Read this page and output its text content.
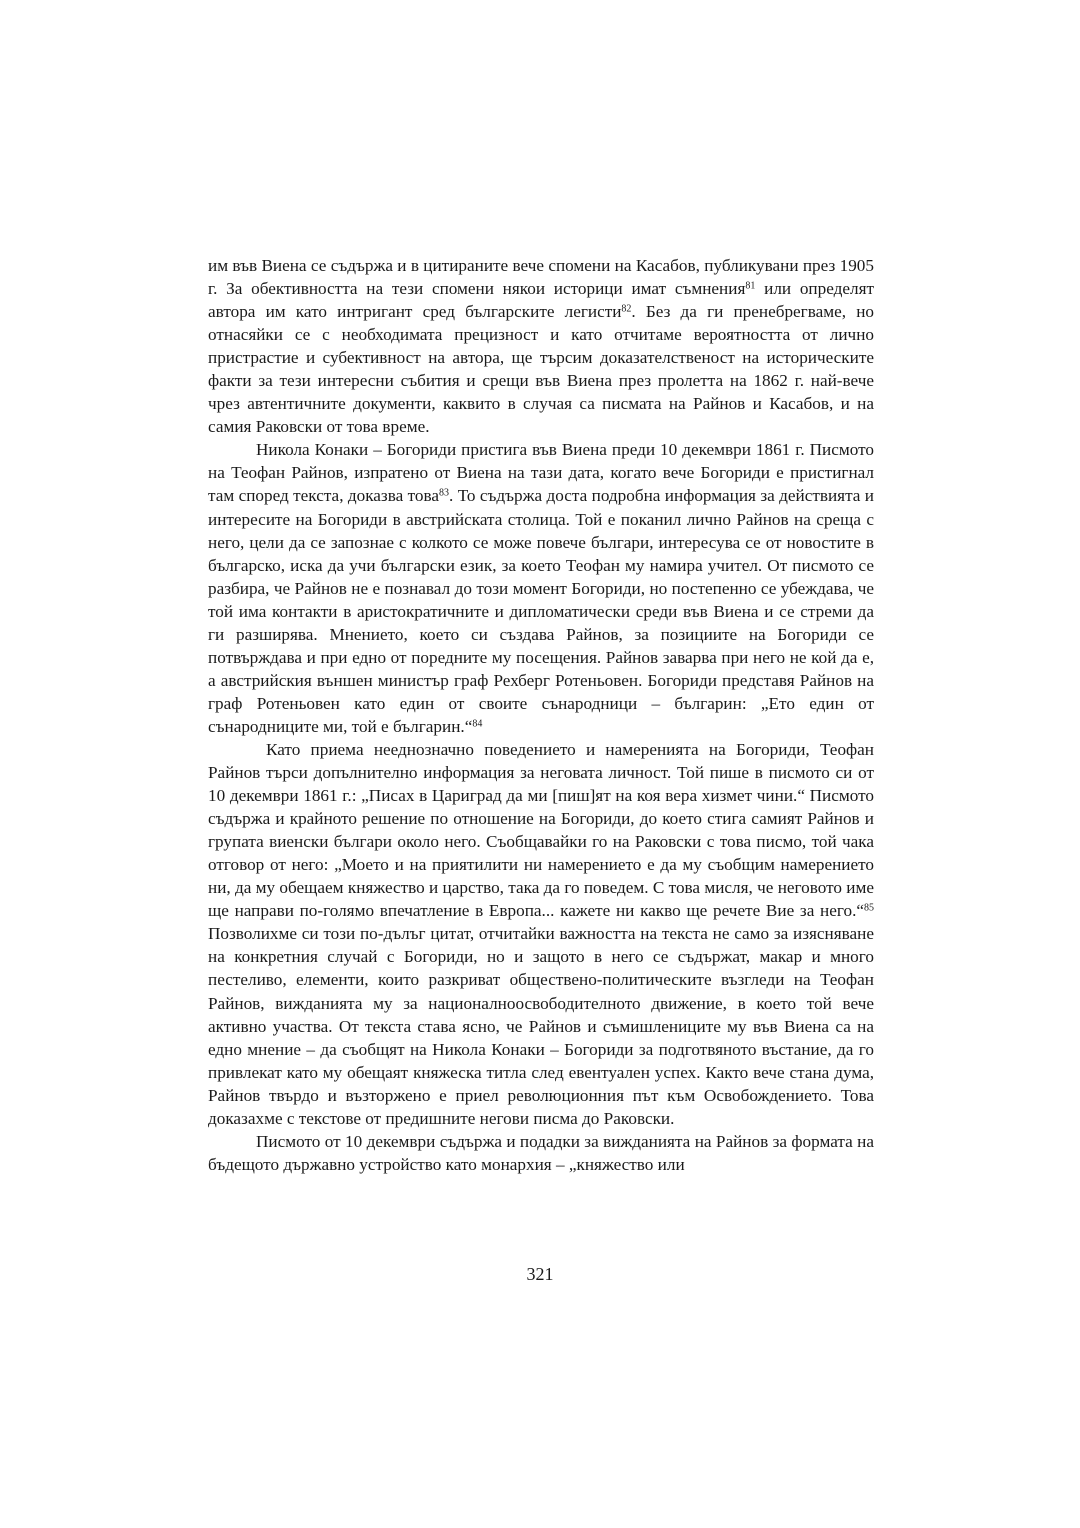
им във Виена се съдържа и в цитираните вече спомени на Касабов, публикувани през 1905 г. За обективността на тези спомени някои историци имат съмнения$^{81}$ или определят автора им като интригант сред българските легисти$^{82}$. Без да ги пренебрегваме, но отнасяйки се с необходимата прецизност и като отчитаме вероятността от лично пристрастие и субективност на автора, ще търсим доказателственост на историческите факти за тези интересни събития и срещи във Виена през пролетта на 1862 г. най-вече чрез автентичните документи, каквито в случая са писмата на Райнов и Касабов, и на самия Раковски от това време.

Никола Конаки – Богориди пристига във Виена преди 10 декември 1861 г. Писмото на Теофан Райнов, изпратено от Виена на тази дата, когато вече Богориди е пристигнал там според текста, доказва това$^{83}$. То съдържа доста подробна информация за действията и интересите на Богориди в австрийската столица. Той е поканил лично Райнов на среща с него, цели да се запознае с колкото се може повече българи, интересува се от новостите в българско, иска да учи български език, за което Теофан му намира учител. От писмото се разбира, че Райнов не е познавал до този момент Богориди, но постепенно се убеждава, че той има контакти в аристократичните и дипломатически среди във Виена и се стреми да ги разширява. Мнението, което си създава Райнов, за позициите на Богориди се потвърждава и при едно от поредните му посещения. Райнов заварва при него не кой да е, а австрийския външен министър граф Рехберг Ротеньовен. Богориди представя Райнов на граф Ротеньовен като един от своите сънародници – българин: „Ето един от сънародниците ми, той е българин.“$^{84}$

Като приема нееднозначно поведението и намеренията на Богориди, Теофан Райнов търси допълнително информация за неговата личност. Той пише в писмото си от 10 декември 1861 г.: „Писах в Цариград да ми [пиш]ят на коя вера хизмет чини.“ Писмото съдържа и крайното решение по отношение на Богориди, до което стига самият Райнов и групата виенски българи около него. Съобщавайки го на Раковски с това писмо, той чака отговор от него: „Моето и на приятилити ни намерението е да му съобщим намерението ни, да му обещаем княжество и царство, така да го поведем. С това мисля, че неговото име ще направи по-голямо впечатление в Европа... кажете ни какво ще речете Вие за него.“$^{85}$ Позволихме си този по-дълъг цитат, отчитайки важността на текста не само за изясняване на конкретния случай с Богориди, но и защото в него се съдържат, макар и много пестеливо, елементи, които разкриват обществено-политическите възгледи на Теофан Райнов, вижданията му за националноосвободителното движение, в което той вече активно участва. От текста става ясно, че Райнов и съмишлениците му във Виена са на едно мнение – да съобщят на Никола Конаки – Богориди за подготвяното въстание, да го привлекат като му обещаят княжеска титла след евентуален успех. Както вече стана дума, Райнов твърдо и възторжено е приел революционния път към Освобождението. Това доказахме с текстове от предишните негови писма до Раковски.

Писмото от 10 декември съдържа и подадки за вижданията на Райнов за формата на бъдещото държавно устройство като монархия – „княжество или

321
